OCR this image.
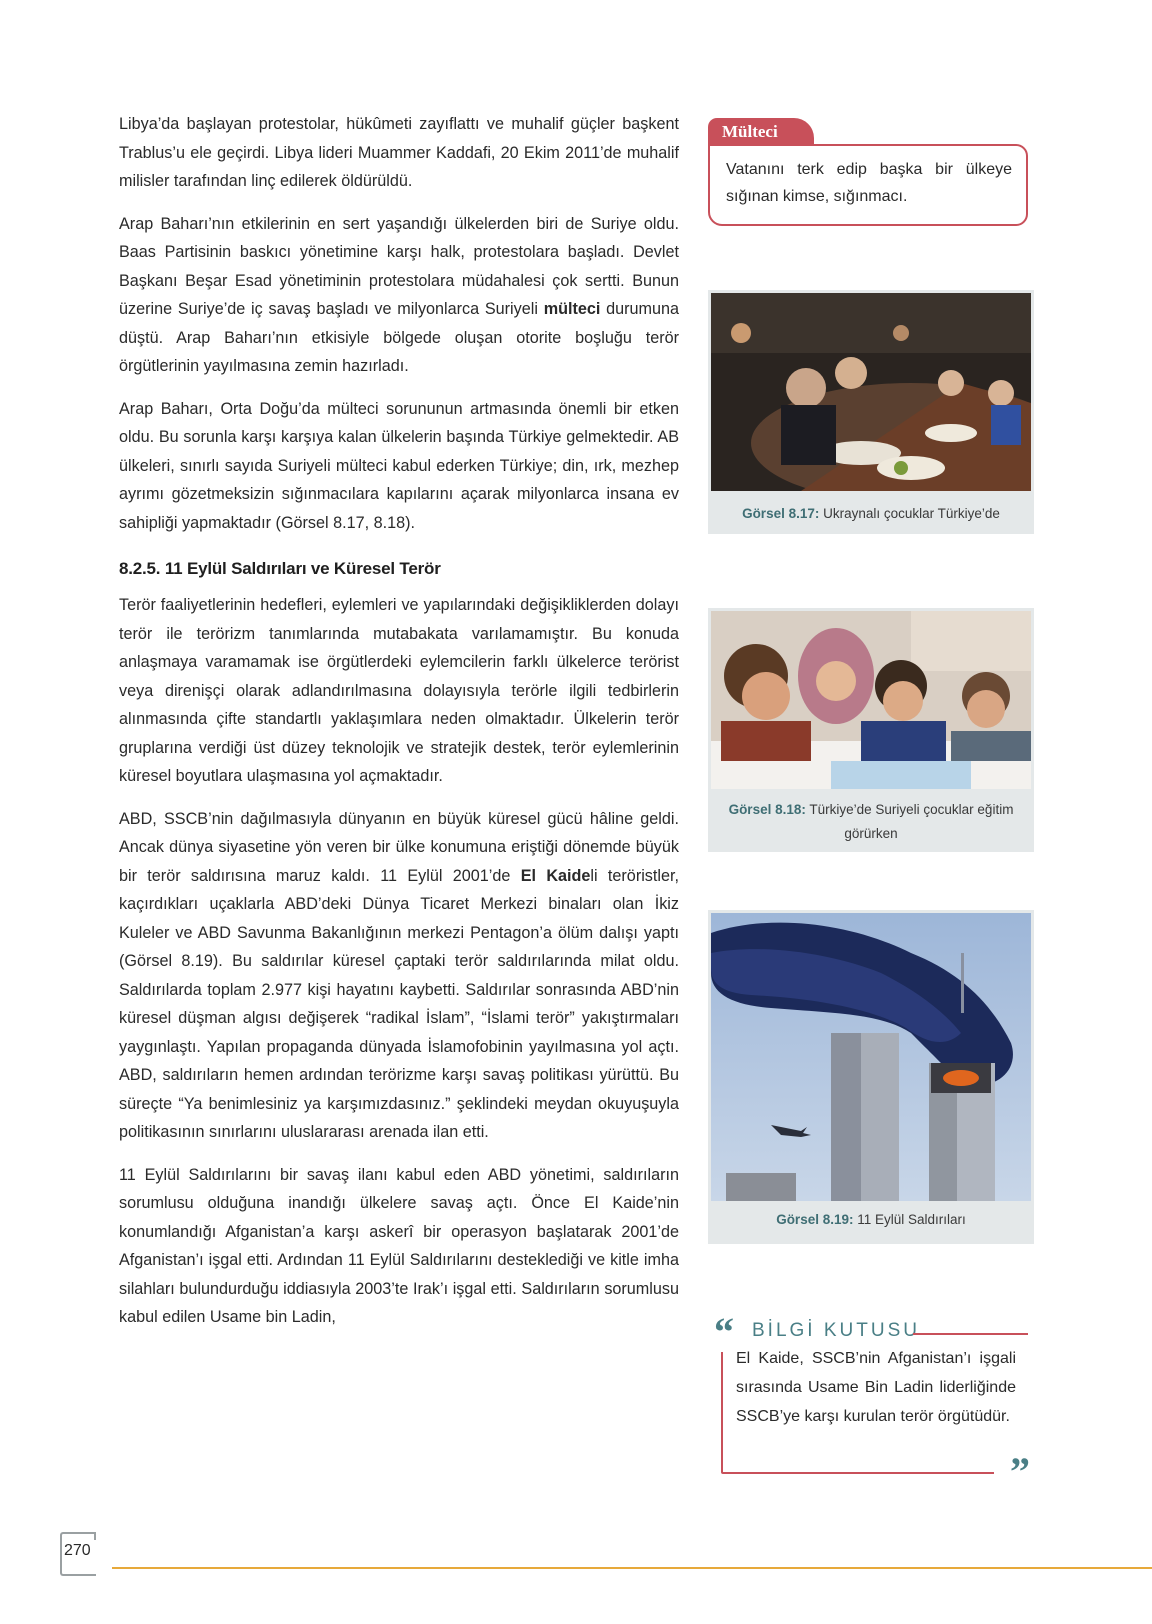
Libya’da başlayan protestolar, hükûmeti zayıflattı ve muhalif güçler başkent Trablus’u ele geçirdi. Libya lideri Muammer Kaddafi, 20 Ekim 2011’de muhalif milisler tarafından linç edilerek öldürüldü.

Arap Baharı’nın etkilerinin en sert yaşandığı ülkelerden biri de Suriye oldu. Baas Partisinin baskıcı yönetimine karşı halk, protestolara başladı. Devlet Başkanı Beşar Esad yönetiminin protestolara müdahalesi çok sertti. Bunun üzerine Suriye’de iç savaş başladı ve milyonlarca Suriyeli mülteci durumuna düştü. Arap Baharı’nın etkisiyle bölgede oluşan otorite boşluğu terör örgütlerinin yayılmasına zemin hazırladı.

Arap Baharı, Orta Doğu’da mülteci sorununun artmasında önemli bir etken oldu. Bu sorunla karşı karşıya kalan ülkelerin başında Türkiye gelmektedir. AB ülkeleri, sınırlı sayıda Suriyeli mülteci kabul ederken Türkiye; din, ırk, mezhep ayrımı gözetmeksizin sığınmacılara kapılarını açarak milyonlarca insana ev sahipliği yapmaktadır (Görsel 8.17, 8.18).

8.2.5. 11 Eylül Saldırıları ve Küresel Terör

Terör faaliyetlerinin hedefleri, eylemleri ve yapılarındaki değişikliklerden dolayı terör ile terörizm tanımlarında mutabakata varılamamıştır. Bu konuda anlaşmaya varamamak ise örgütlerdeki eylemcilerin farklı ülkelerce terörist veya direnişçi olarak adlandırılmasına dolayısıyla terörle ilgili tedbirlerin alınmasında çifte standartlı yaklaşımlara neden olmaktadır. Ülkelerin terör gruplarına verdiği üst düzey teknolojik ve stratejik destek, terör eylemlerinin küresel boyutlara ulaşmasına yol açmaktadır.

ABD, SSCB’nin dağılmasıyla dünyanın en büyük küresel gücü hâline geldi. Ancak dünya siyasetine yön veren bir ülke konumuna eriştiği dönemde büyük bir terör saldırısına maruz kaldı. 11 Eylül 2001’de El Kaideli teröristler, kaçırdıkları uçaklarla ABD’deki Dünya Ticaret Merkezi binaları olan İkiz Kuleler ve ABD Savunma Bakanlığının merkezi Pentagon’a ölüm dalışı yaptı (Görsel 8.19). Bu saldırılar küresel çaptaki terör saldırılarında milat oldu. Saldırılarda toplam 2.977 kişi hayatını kaybetti. Saldırılar sonrasında ABD’nin küresel düşman algısı değişerek “radikal İslam”, “İslami terör” yakıştırmaları yaygınlaştı. Yapılan propaganda dünyada İslamofobinin yayılmasına yol açtı. ABD, saldırıların hemen ardından terörizme karşı savaş politikası yürüttü. Bu süreçte “Ya benimlesiniz ya karşımızdasınız.” şeklindeki meydan okuyuşuyla politikasının sınırlarını uluslararası arenada ilan etti.

11 Eylül Saldırılarını bir savaş ilanı kabul eden ABD yönetimi, saldırıların sorumlusu olduğuna inandığı ülkelere savaş açtı. Önce El Kaide’nin konumlandığı Afganistan’a karşı askerî bir operasyon başlatarak 2001’de Afganistan’ı işgal etti. Ardından 11 Eylül Saldırılarını desteklediği ve kitle imha silahları bulundurduğu iddiasıyla 2003’te Irak’ı işgal etti. Saldırıların sorumlusu kabul edilen Usame bin Ladin,

Mülteci
Vatanını terk edip başka bir ülkeye sığınan kimse, sığınmacı.
Görsel 8.17: Ukraynalı çocuklar Türkiye’de
Görsel 8.18: Türkiye’de Suriyeli çocuklar eğitim görürken
Görsel 8.19: 11 Eylül Saldırıları
“ BİLGİ KUTUSU
El Kaide, SSCB’nin Afganistan’ı işgali sırasında Usame Bin Ladin liderliğinde SSCB’ye karşı kurulan terör örgütüdür.
”
270
